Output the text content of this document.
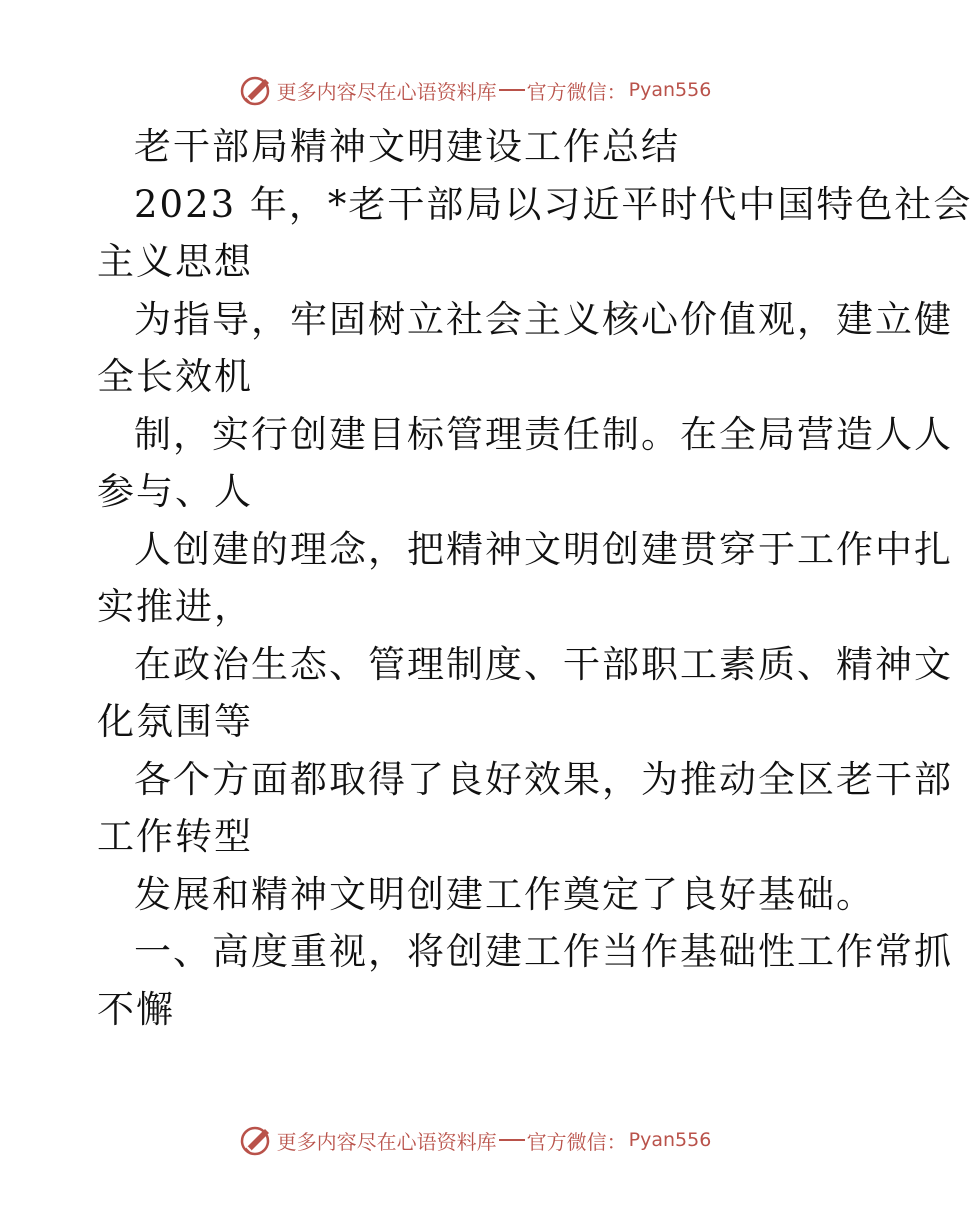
更多内容尽在心语资料库 官方微信： Pyan556
老干部局精神文明建设工作总结
2023 年，*老干部局以习近平时代中国特色社会
主义思想
为指导，牢固树立社会主义核心价值观，建立健
全长效机
制，实行创建目标管理责任制。在全局营造人人
参与、人
人创建的理念，把精神文明创建贯穿于工作中扎
实推进，
在政治生态、管理制度、干部职工素质、精神文
化氛围等
各个方面都取得了良好效果，为推动全区老干部
工作转型
发展和精神文明创建工作奠定了良好基础。
一、高度重视，将创建工作当作基础性工作常抓
不懈
更多内容尽在心语资料库 官方微信： Pyan556
